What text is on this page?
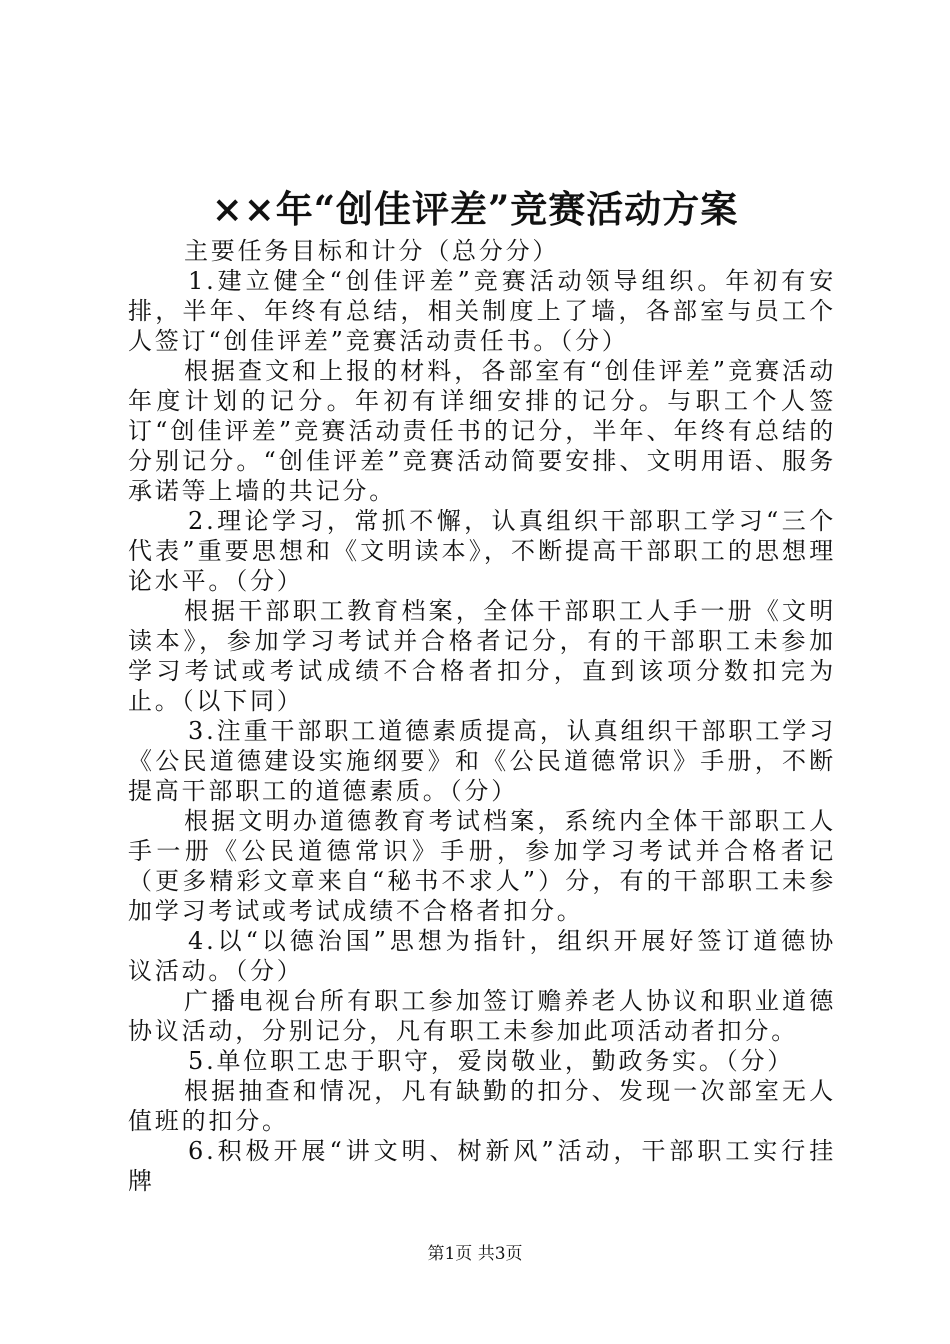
××年“创佳评差”竞赛活动方案

主要任务目标和计分（总分分）

1.建立健全“创佳评差”竞赛活动领导组织。年初有安排，半年、年终有总结，相关制度上了墙，各部室与员工个人签订“创佳评差”竞赛活动责任书。（分）

根据查文和上报的材料，各部室有“创佳评差”竞赛活动年度计划的记分。年初有详细安排的记分。与职工个人签订“创佳评差”竞赛活动责任书的记分，半年、年终有总结的分别记分。“创佳评差”竞赛活动简要安排、文明用语、服务承诺等上墙的共记分。

2.理论学习，常抓不懈，认真组织干部职工学习“三个代表”重要思想和《文明读本》，不断提高干部职工的思想理论水平。（分）

根据干部职工教育档案，全体干部职工人手一册《文明读本》，参加学习考试并合格者记分，有的干部职工未参加学习考试或考试成绩不合格者扣分，直到该项分数扣完为止。（以下同）

3.注重干部职工道德素质提高，认真组织干部职工学习《公民道德建设实施纲要》和《公民道德常识》手册，不断提高干部职工的道德素质。（分）

根据文明办道德教育考试档案，系统内全体干部职工人手一册《公民道德常识》手册，参加学习考试并合格者记（更多精彩文章来自“秘书不求人”）分，有的干部职工未参加学习考试或考试成绩不合格者扣分。

4.以“以德治国”思想为指针，组织开展好签订道德协议活动。（分）

广播电视台所有职工参加签订赡养老人协议和职业道德协议活动，分别记分，凡有职工未参加此项活动者扣分。

5.单位职工忠于职守，爱岗敬业，勤政务实。（分）

根据抽查和情况，凡有缺勤的扣分、发现一次部室无人值班的扣分。

6.积极开展“讲文明、树新风”活动，干部职工实行挂牌

第1页 共3页
